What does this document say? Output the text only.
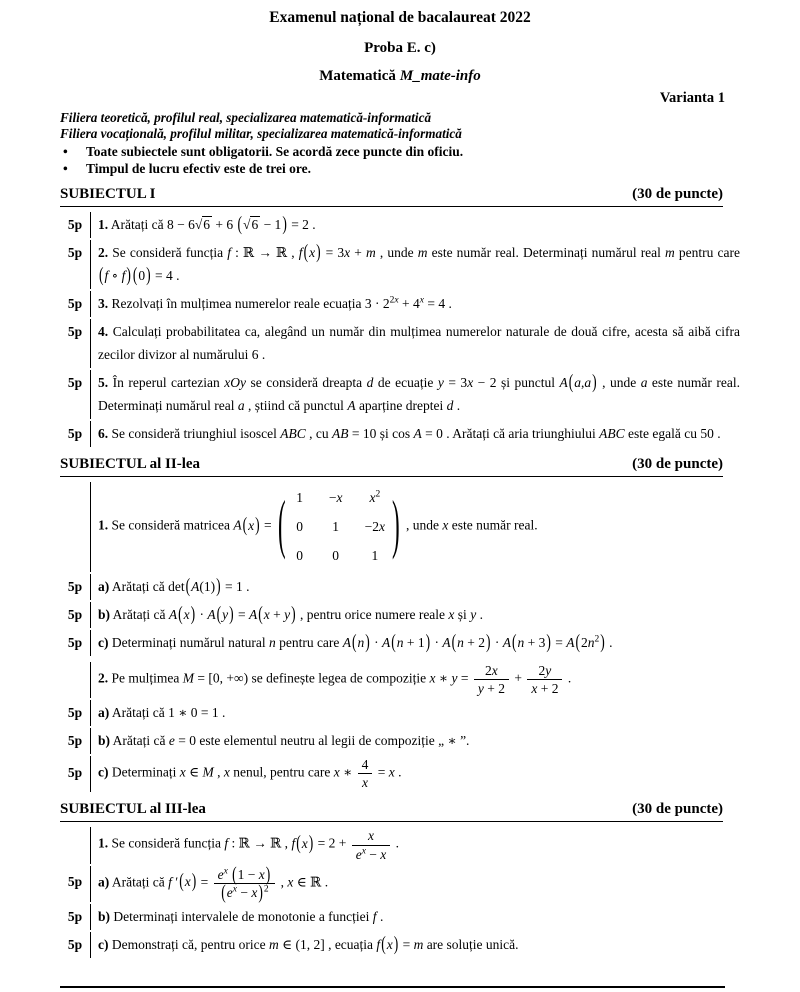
Examenul național de bacalaureat 2022
Proba E. c)
Matematică M_mate-info
Varianta 1
Filiera teoretică, profilul real, specializarea matematică-informatică
Filiera vocațională, profilul militar, specializarea matematică-informatică
•	Toate subiectele sunt obligatorii. Se acordă zece puncte din oficiu.
•	Timpul de lucru efectiv este de trei ore.
SUBIECTUL I	(30 de puncte)
5p	1. Arătați că 8 − 6√6 + 6 (√6 − 1) = 2 .
5p	2. Se consideră funcția f : ℝ → ℝ , f(x) = 3x + m , unde m este număr real. Determinați numărul real m pentru care (f ∘ f) (0) = 4 .
5p	3. Rezolvați în mulțimea numerelor reale ecuația $3 \cdot 2^{2x} + 4^x = 4$ .
5p	4. Calculați probabilitatea ca, alegând un număr din mulțimea numerelor naturale de două cifre, acesta să aibă cifra zecilor divizor al numărului 6 .
5p	5. În reperul cartezian xOy se consideră dreapta d de ecuație y = 3x − 2 și punctul A(a,a) , unde a este număr real. Determinați numărul real a , știind că punctul A aparține dreptei d .
5p	6. Se consideră triunghiul isoscel ABC , cu AB = 10 și cos A = 0 . Arătați că aria triunghiului ABC este egală cu 50 .
SUBIECTUL al II-lea	(30 de puncte)
1. Se consideră matricea A(x) = ( 1 −x	$x^2$
0 1 −2x
0 0	1 ) , unde x este număr real.
5p	a) Arătați că det(A(1)) = 1 .
5p	b) Arătați că A(x) · A(y) = A(x + y) , pentru orice numere reale x și y .
5p	c) Determinați numărul natural n pentru care $A(n) \cdot A(n + 1) \cdot A(n + 2) \cdot A(n + 3) = A(2n^2)$ .
2. Pe mulțimea M = [0, +∞) se definește legea de compoziție x ∗ $y = \frac{2x}{y + 2} + \frac{2y}{x + 2}$ .
5p	a) Arătați că 1 ∗ 0 = 1 .
5p	b) Arătați că e = 0 este elementul neutru al legii de compoziție „ ∗ ”.
5p	c) Determinați x ∈ M , x nenul, pentru care x ∗ $\frac{4}{x} = x$ .
SUBIECTUL al III-lea	(30 de puncte)
1. Se consideră funcția f : ℝ → ℝ , $f(x) = 2 + \frac{x}{e^x - x}$ .
5p	a) Arătați că f $'(x) = \frac{e^x (1 - x)}{(e^x - x)^2}$ , x ∈ ℝ .
5p	b) Determinați intervalele de monotonie a funcției f .
5p	c) Demonstrați că, pentru orice m ∈ (1, 2] , ecuația f(x) = m are soluție unică.
